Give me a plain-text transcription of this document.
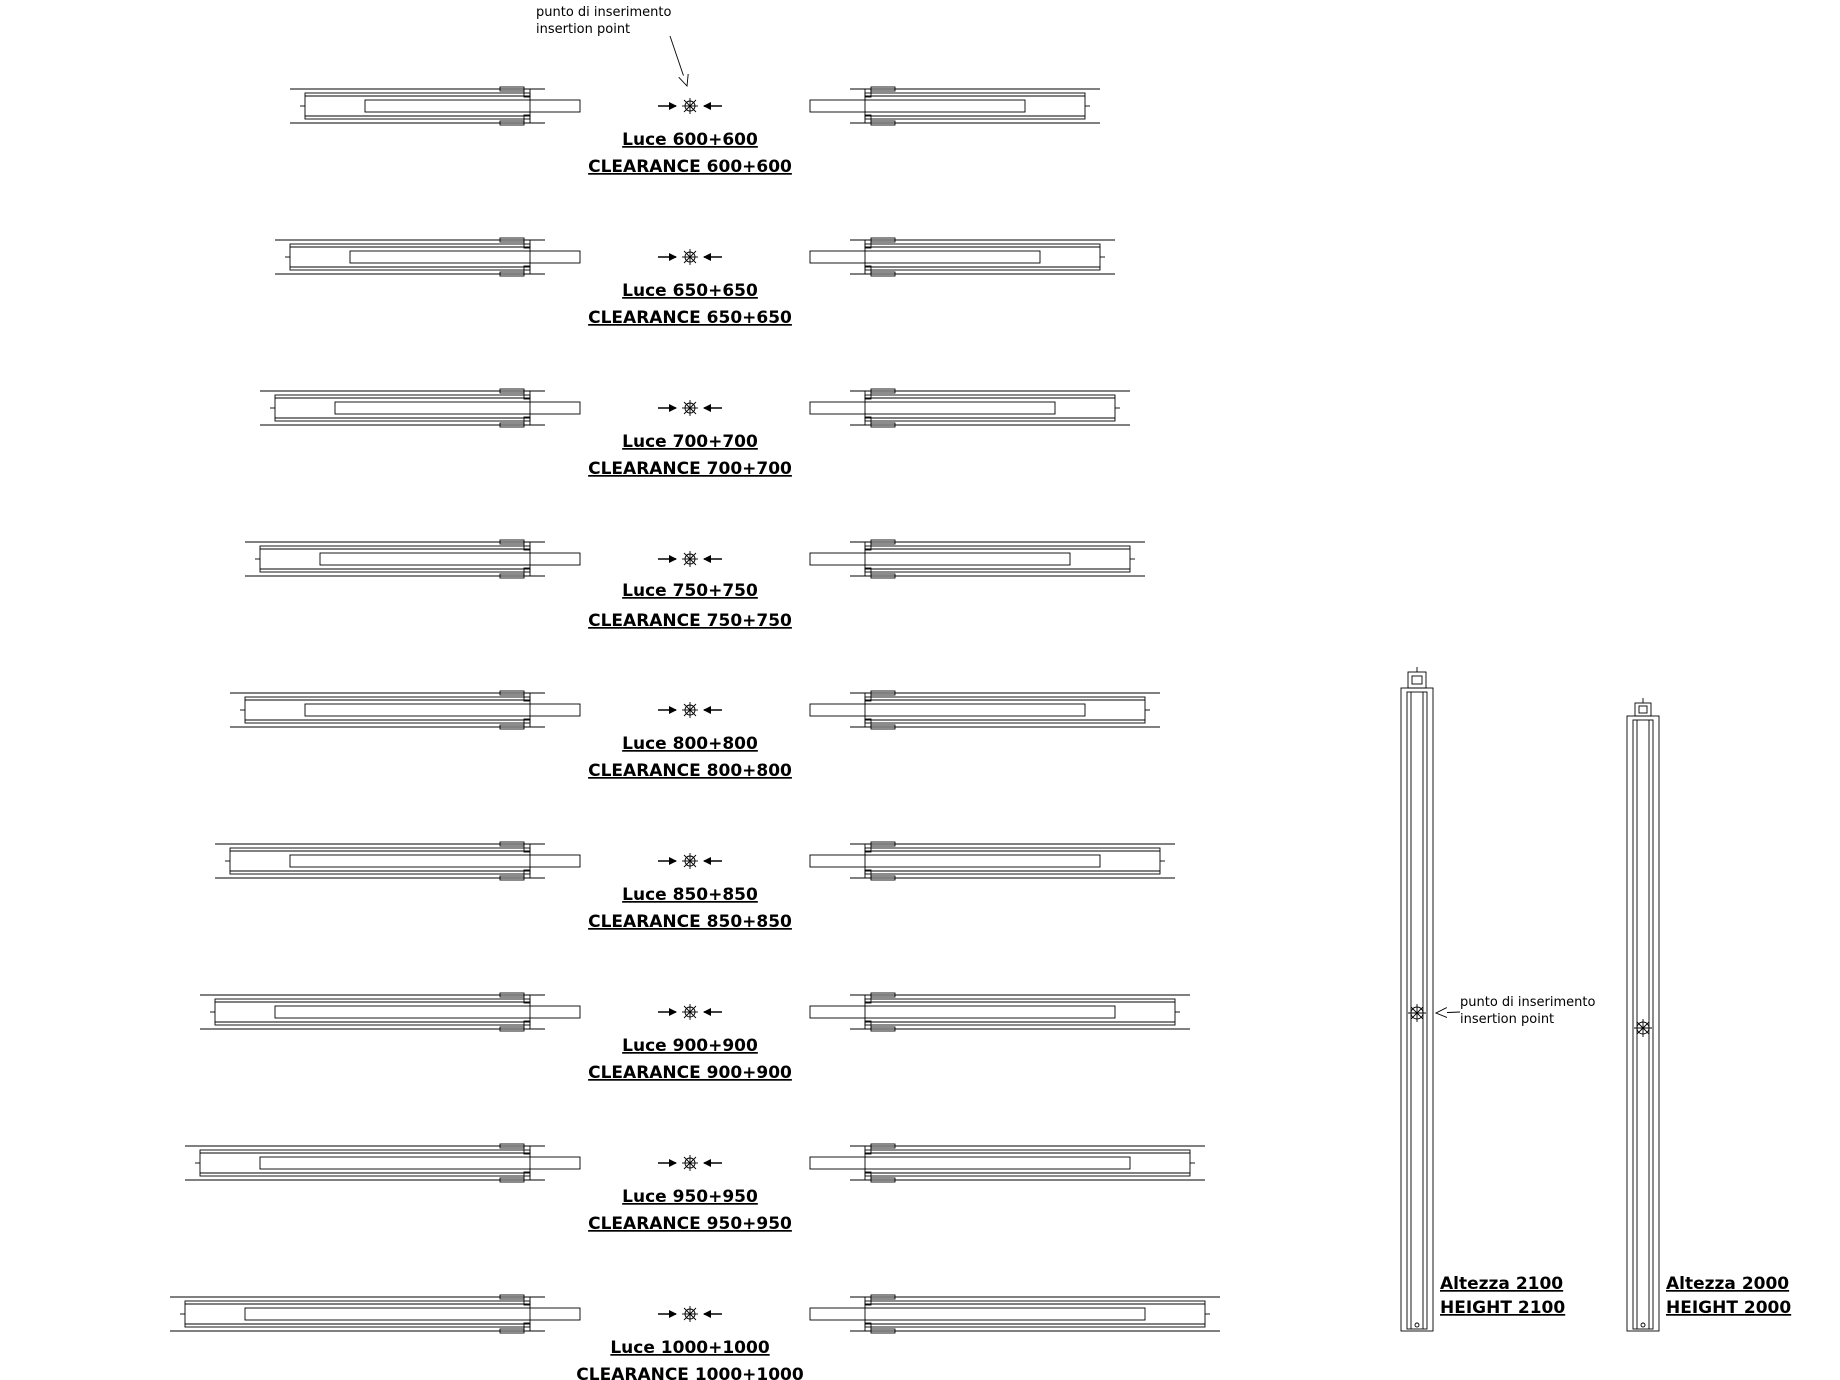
punto di inserimento
insertion point
Luce 600+600
CLEARANCE 600+600
Luce 650+650
CLEARANCE 650+650
Luce 700+700
CLEARANCE 700+700
Luce 750+750
CLEARANCE 750+750
Luce 800+800
CLEARANCE 800+800
Luce 850+850
CLEARANCE 850+850
Luce 900+900
CLEARANCE 900+900
Luce 950+950
CLEARANCE 950+950
Luce 1000+1000
CLEARANCE 1000+1000
punto di inserimento
insertion point
Altezza 2100
HEIGHT 2100
Altezza 2000
HEIGHT 2000
